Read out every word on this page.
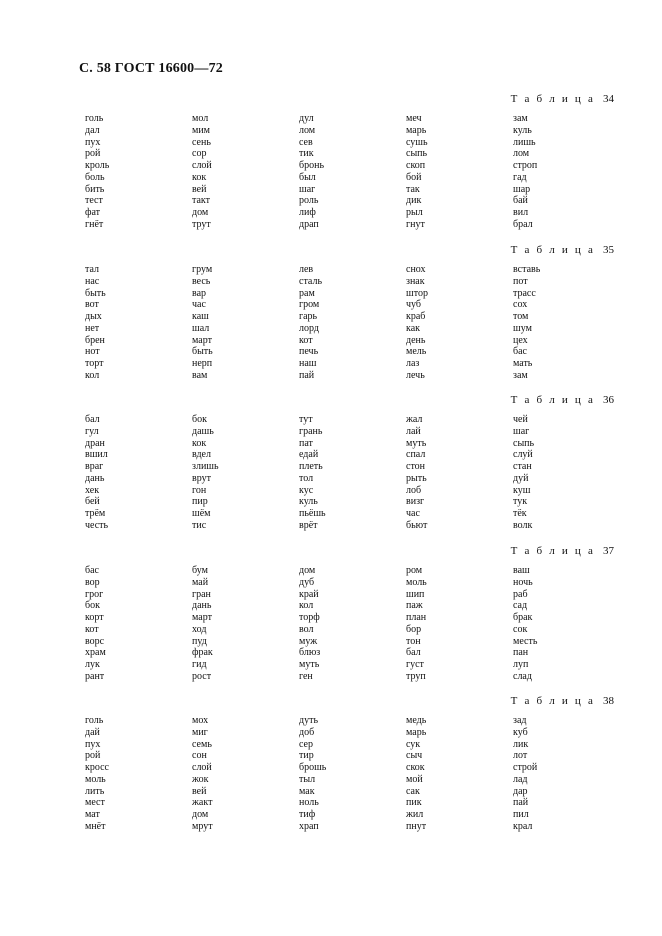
С. 58 ГОСТ 16600—72
Т а б л и ц а 34
голь
дал
пух
рой
кроль
боль
бить
тест
фат
гнёт
мол
мим
сень
сор
слой
кок
вей
такт
дом
трут
дул
лом
сев
тик
бронь
был
шаг
роль
лиф
драп
меч
марь
сушь
сыпь
скоп
бой
так
дик
рыл
гнут
зам
куль
лишь
лом
строп
гад
шар
бай
вил
брал
Т а б л и ц а 35
тал
нас
быть
вот
дых
нет
брен
нот
торт
кол
грум
весь
вар
час
каш
шал
март
быть
нерп
вам
лев
сталь
рам
гром
гарь
лорд
кот
печь
наш
пай
снох
знак
штор
чуб
краб
как
день
мель
лаз
лечь
вставь
пот
трасс
сох
том
шум
цех
бас
мать
зам
Т а б л и ц а 36
бал
гул
дран
вшил
враг
дань
хек
бей
трём
честь
бок
дашь
кок
вдел
злишь
врут
гон
пир
шём
тис
тут
грань
пат
едай
плеть
тол
кус
куль
пьёшь
врёт
жал
лай
муть
спал
стон
рыть
лоб
визг
час
бьют
чей
шаг
сыпь
слуй
стан
дуй
куш
тук
тёк
волк
Т а б л и ц а 37
бас
вор
грог
бок
корт
кот
ворс
храм
лук
рант
бум
май
гран
дань
март
ход
пуд
фрак
гид
рост
дом
дуб
край
кол
торф
вол
муж
блюз
муть
ген
ром
моль
шип
паж
план
бор
тон
бал
густ
труп
ваш
ночь
раб
сад
брак
сок
месть
пан
луп
слад
Т а б л и ц а 38
голь
дай
пух
рой
кросс
моль
лить
мест
мат
мнёт
мох
миг
семь
сон
слой
жок
вей
жакт
дом
мрут
дуть
доб
сер
тир
брошь
тыл
мак
ноль
тиф
храп
медь
марь
сук
сыч
скок
мой
сак
пик
жил
пнут
зад
куб
лик
лот
строй
лад
дар
пай
пил
крал
